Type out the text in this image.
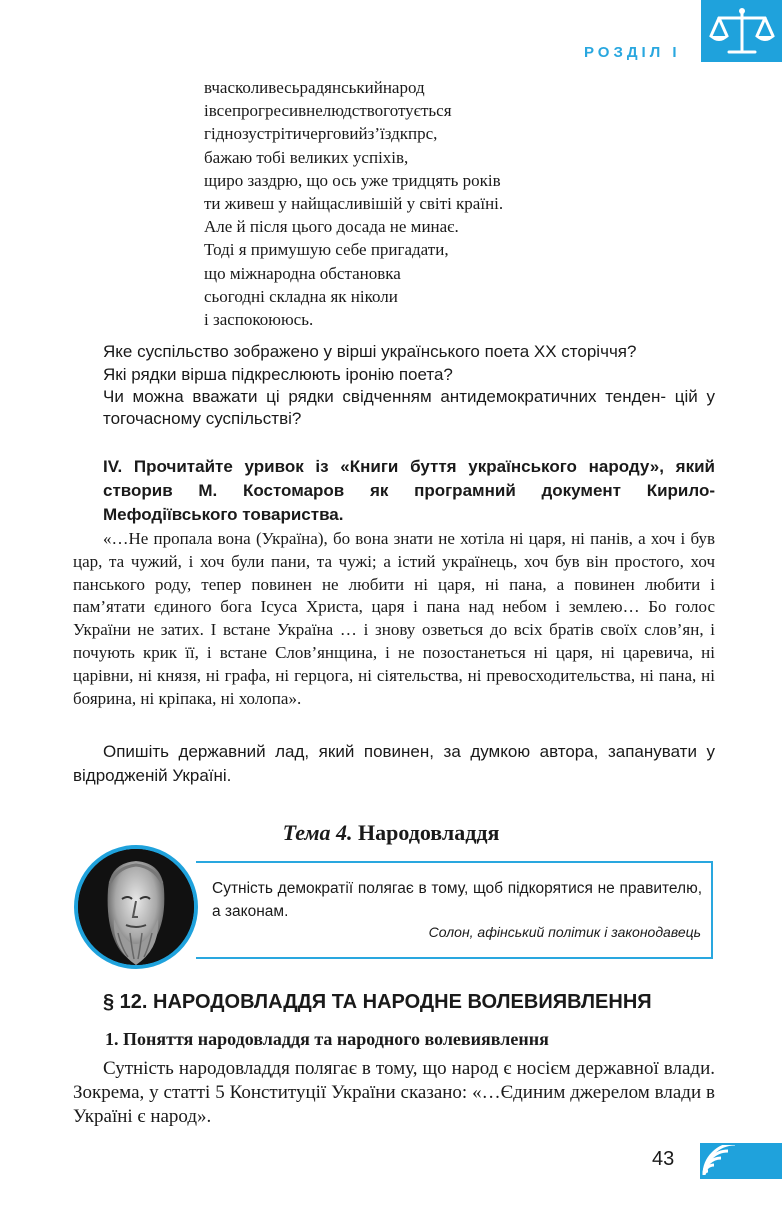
РОЗДІЛ І
вчасколивесьрадянськийнарод
івсепрогресивнелюдствоготується
гіднозустрітичерговийз’їздкпрс,
бажаю тобі великих успіхів,
щиро заздрю, що ось уже тридцять років
ти живеш у найщасливішій у світі країні.
Але й після цього досада не минає.
Тоді я примушую себе пригадати,
що міжнародна обстановка
сьогодні складна як ніколи
і заспокоююсь.
Яке суспільство зображено у вірші українського поета XX сторіччя?
Які рядки вірша підкреслюють іронію поета?
Чи можна вважати ці рядки свідченням антидемократичних тенден- цій у тогочасному суспільстві?
IV. Прочитайте уривок із «Книги буття українського народу», який створив М. Костомаров як програмний документ Кирило-Мефодіївського товариства.

«…Не пропала вона (Україна), бо вона знати не хотіла ні царя, ні панів, а хоч і був цар, та чужий, і хоч були пани, та чужі; а істий українець, хоч був він простого, хоч панського роду, тепер повинен не любити ні царя, ні пана, а повинен любити і пам’ятати єдиного бога Ісуса Христа, царя і пана над небом і землею… Бо голос України не затих. І встане Україна … і знову озветься до всіх братів своїх слов’ян, і почують крик її, і встане Слов’янщина, і не позостанеться ні царя, ні царевича, ні царівни, ні князя, ні графа, ні герцога, ні сіятельства, ні превосходительства, ні пана, ні боярина, ні кріпака, ні холопа».

Опишіть державний лад, який повинен, за думкою автора, запанувати у відродженій Україні.

Тема 4. Народовладдя
Сутність демократії полягає в тому, щоб підкорятися не правителю, а законам.
Солон, афінський політик і законодавець
§ 12. НАРОДОВЛАДДЯ ТА НАРОДНЕ ВОЛЕВИЯВЛЕННЯ
1. Поняття народовладдя та народного волевиявлення

Сутність народовладдя полягає в тому, що народ є носієм державної влади. Зокрема, у статті 5 Конституції України сказано: «…Єдиним джерелом влади в Україні є народ».

43
